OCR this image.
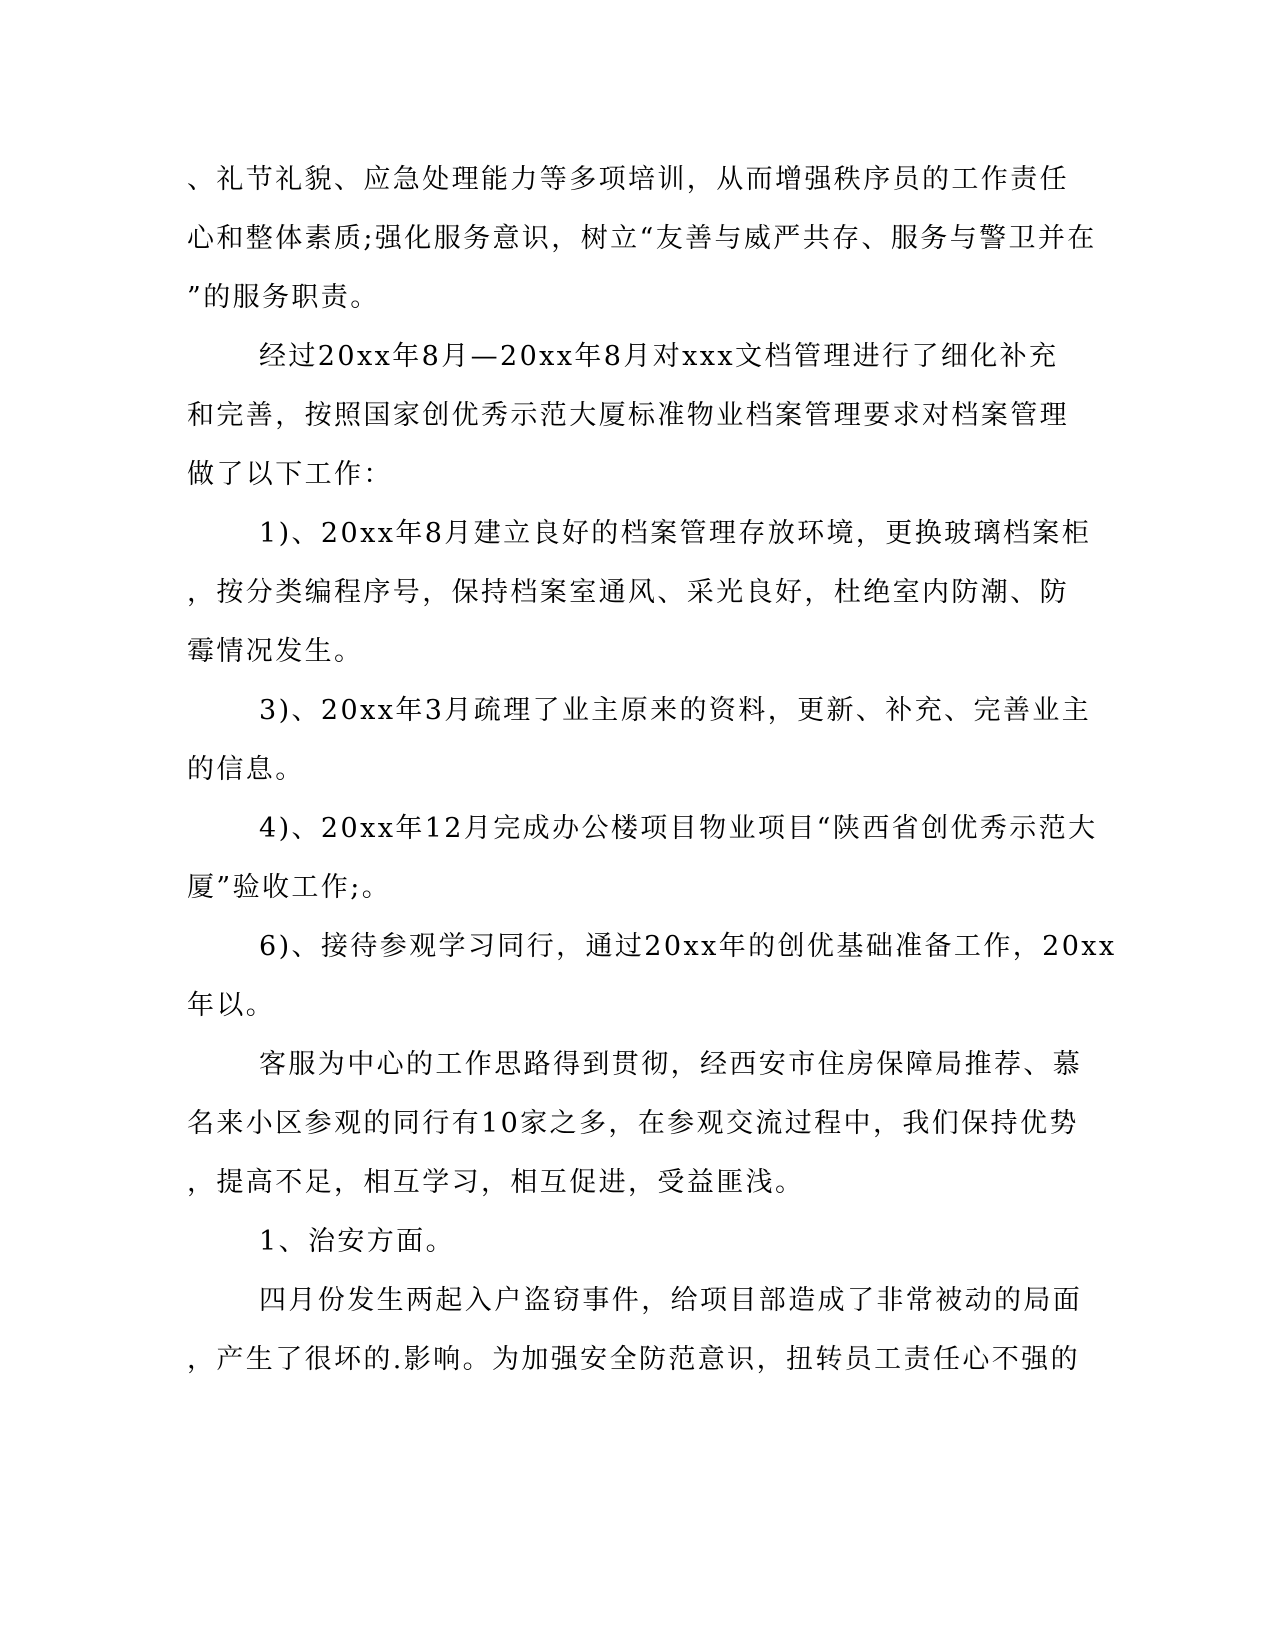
、礼节礼貌、应急处理能力等多项培训，从而增强秩序员的工作责任
心和整体素质;强化服务意识，树立“友善与威严共存、服务与警卫并在
”的服务职责。
经过20xx年8月—20xx年8月对xxx文档管理进行了细化补充
和完善，按照国家创优秀示范大厦标准物业档案管理要求对档案管理
做了以下工作：
1)、20xx年8月建立良好的档案管理存放环境，更换玻璃档案柜
，按分类编程序号，保持档案室通风、采光良好，杜绝室内防潮、防
霉情况发生。
3)、20xx年3月疏理了业主原来的资料，更新、补充、完善业主
的信息。
4)、20xx年12月完成办公楼项目物业项目“陕西省创优秀示范大
厦”验收工作;。
6)、接待参观学习同行，通过20xx年的创优基础准备工作，20xx
年以。
客服为中心的工作思路得到贯彻，经西安市住房保障局推荐、慕
名来小区参观的同行有10家之多，在参观交流过程中，我们保持优势
，提高不足，相互学习，相互促进，受益匪浅。
1、治安方面。
四月份发生两起入户盗窃事件，给项目部造成了非常被动的局面
，产生了很坏的.影响。为加强安全防范意识，扭转员工责任心不强的
